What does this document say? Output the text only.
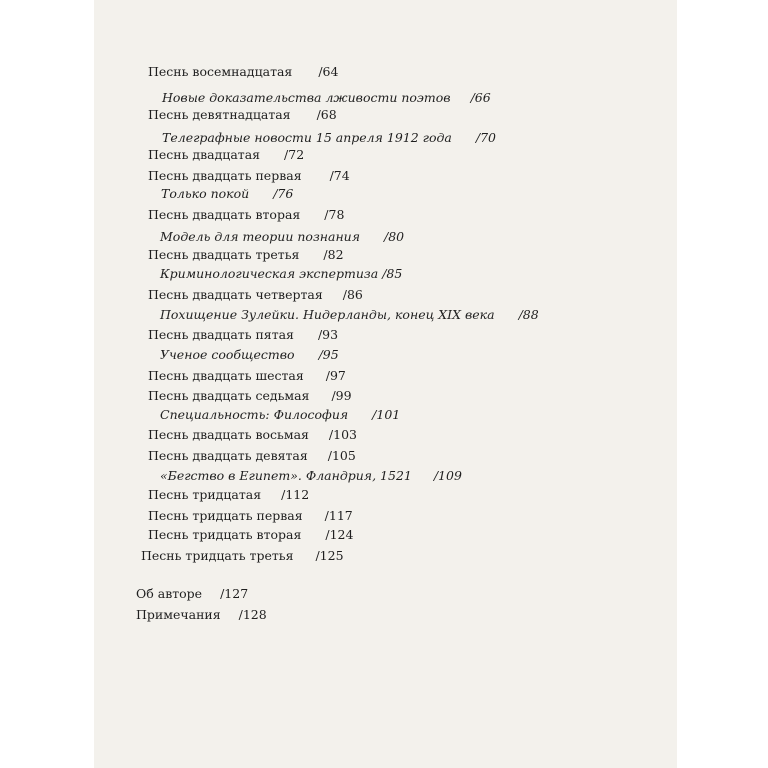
Песнь восемнадцатая /64
Новые доказательства лживости поэтов /66
Песнь девятнадцатая /68
Телеграфные новости 15 апреля 1912 года /70
Песнь двадцатая /72
Песнь двадцать первая /74
Только покой /76
Песнь двадцать вторая /78
Модель для теории познания /80
Песнь двадцать третья /82
Криминологическая экспертиза /85
Песнь двадцать четвертая /86
Похищение Зулейки. Нидерланды, конец XIX века /88
Песнь двадцать пятая /93
Ученое сообщество /95
Песнь двадцать шестая /97
Песнь двадцать седьмая /99
Специальность: Философия /101
Песнь двадцать восьмая /103
Песнь двадцать девятая /105
«Бегство в Египет». Фландрия, 1521 /109
Песнь тридцатая /112
Песнь тридцать первая /117
Песнь тридцать вторая /124
Песнь тридцать третья /125
Об авторе /127
Примечания /128
